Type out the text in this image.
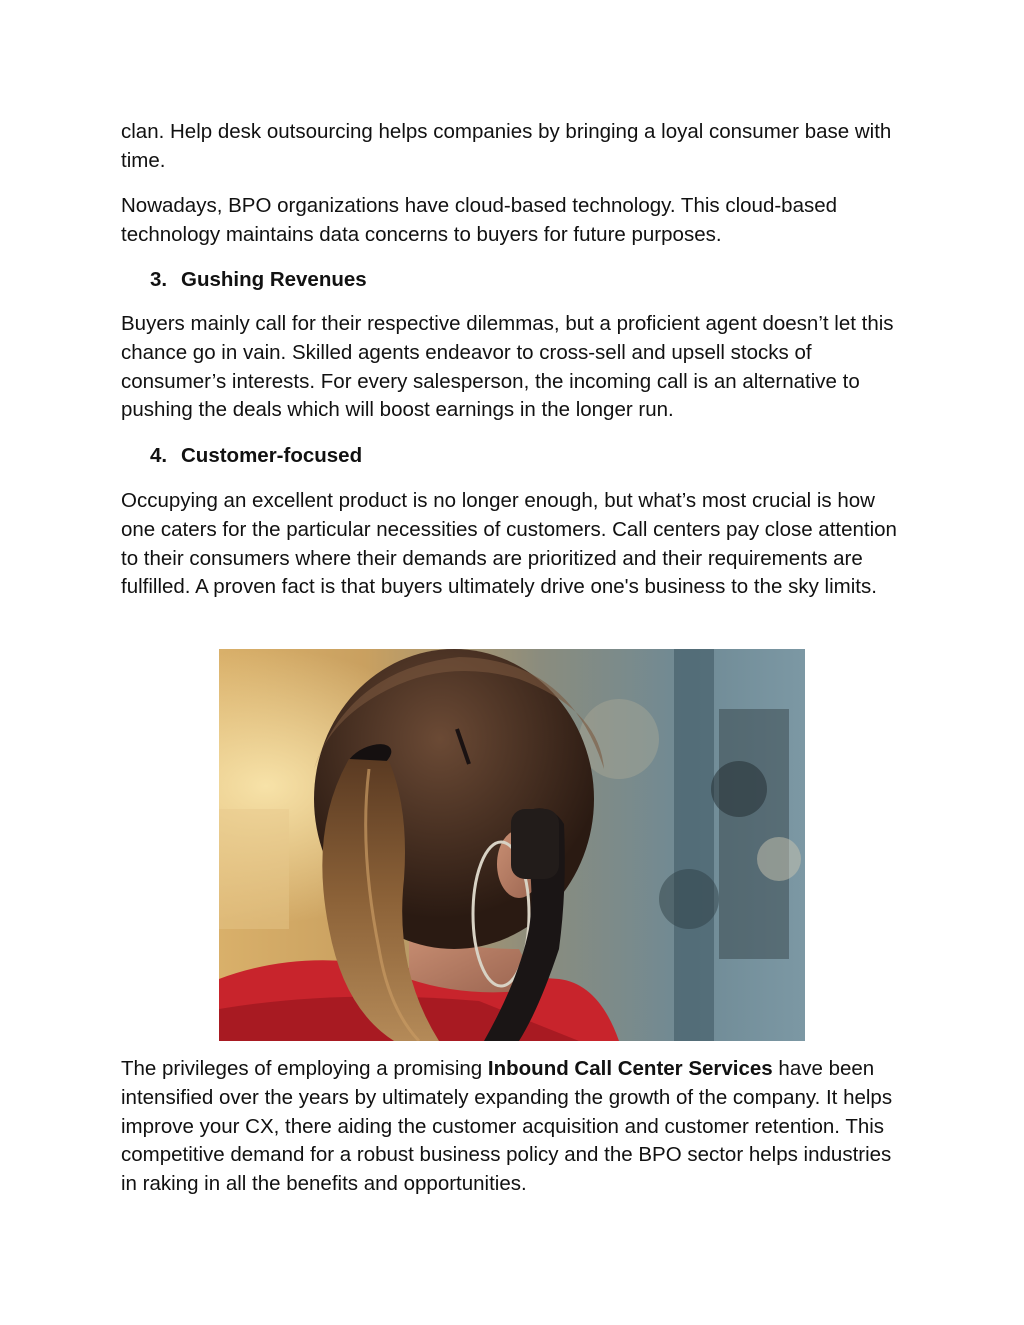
clan. Help desk outsourcing helps companies by bringing a loyal consumer base with time.

Nowadays, BPO organizations have cloud-based technology. This cloud-based technology maintains data concerns to buyers for future purposes.

3. Gushing Revenues

Buyers mainly call for their respective dilemmas, but a proficient agent doesn’t let this chance go in vain. Skilled agents endeavor to cross-sell and upsell stocks of consumer’s interests. For every salesperson, the incoming call is an alternative to pushing the deals which will boost earnings in the longer run.

4. Customer-focused

Occupying an excellent product is no longer enough, but what’s most crucial is how one caters for the particular necessities of customers. Call centers pay close attention to their consumers where their demands are prioritized and their requirements are fulfilled. A proven fact is that buyers ultimately drive one's business to the sky limits.

The privileges of employing a promising Inbound Call Center Services have been intensified over the years by ultimately expanding the growth of the company. It helps improve your CX, there aiding the customer acquisition and customer retention. This competitive demand for a robust business policy and the BPO sector helps industries in raking in all the benefits and opportunities.
